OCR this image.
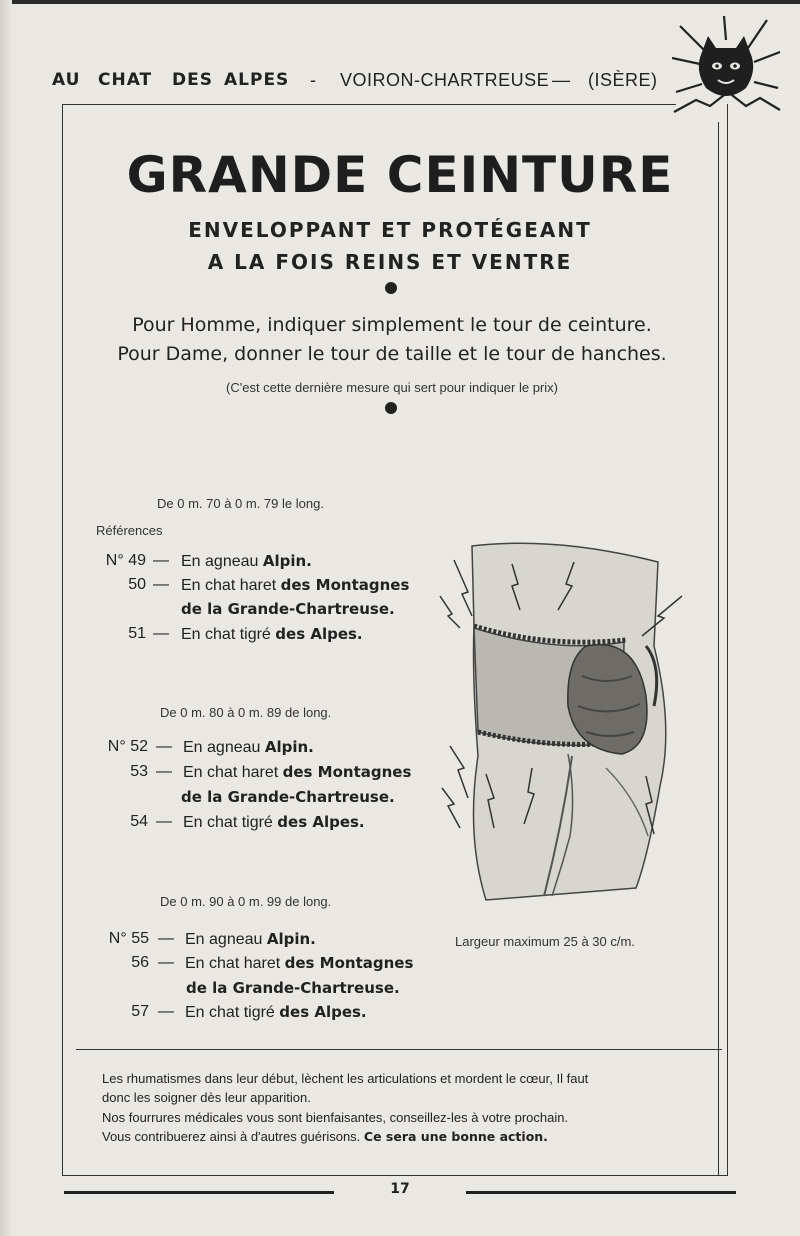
AU CHAT DES ALPES - VOIRON-CHARTREUSE — (ISÈRE)
GRANDE CEINTURE
ENVELOPPANT ET PROTÉGEANT
A LA FOIS REINS ET VENTRE
Pour Homme, indiquer simplement le tour de ceinture.
Pour Dame, donner le tour de taille et le tour de hanches.
(C'est cette dernière mesure qui sert pour indiquer le prix)
De 0 m. 70 à 0 m. 79 le long.
Références
N° 49 — En agneau Alpin.
50 — En chat haret des Montagnes
de la Grande-Chartreuse.
51 — En chat tigré des Alpes.
De 0 m. 80 à 0 m. 89 de long.
N° 52 — En agneau Alpin.
53 — En chat haret des Montagnes
de la Grande-Chartreuse.
54 — En chat tigré des Alpes.
De 0 m. 90 à 0 m. 99 de long.
N° 55 — En agneau Alpin.
56 — En chat haret des Montagnes
de la Grande-Chartreuse.
57 — En chat tigré des Alpes.
Largeur maximum 25 à 30 c/m.
Les rhumatismes dans leur début, lèchent les articulations et mordent le cœur, Il faut
donc les soigner dès leur apparition.
Nos fourrures médicales vous sont bienfaisantes, conseillez-les à votre prochain.
Vous contribuerez ainsi à d'autres guérisons. Ce sera une bonne action.
17
